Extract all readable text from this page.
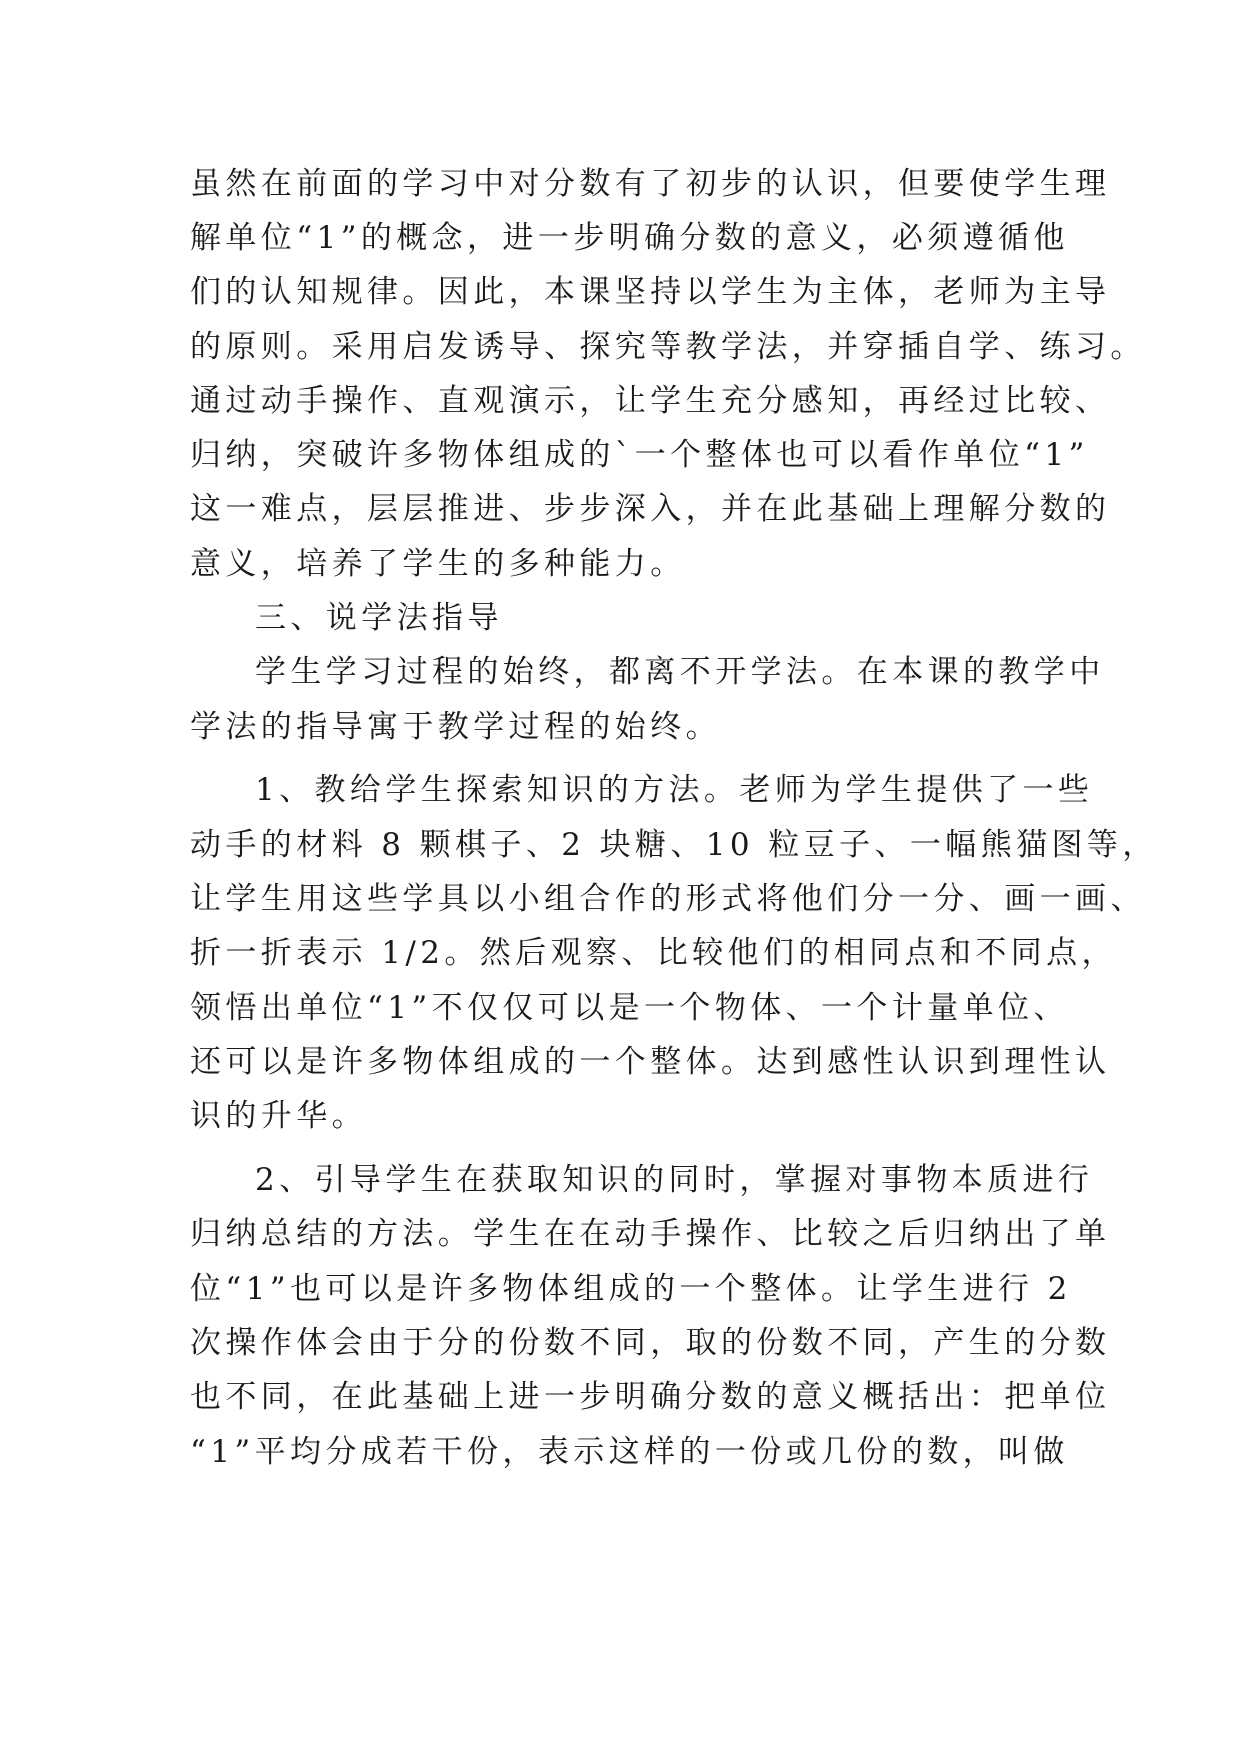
虽然在前面的学习中对分数有了初步的认识，但要使学生理
解单位“1”的概念，进一步明确分数的意义，必须遵循他
们的认知规律。因此，本课坚持以学生为主体，老师为主导
的原则。采用启发诱导、探究等教学法，并穿插自学、练习。
通过动手操作、直观演示，让学生充分感知，再经过比较、
归纳，突破许多物体组成的`一个整体也可以看作单位“1”
这一难点，层层推进、步步深入，并在此基础上理解分数的
意义，培养了学生的多种能力。
三、说学法指导
学生学习过程的始终，都离不开学法。在本课的教学中
学法的指导寓于教学过程的始终。
1、教给学生探索知识的方法。老师为学生提供了一些
动手的材料 8 颗棋子、2 块糖、10 粒豆子、一幅熊猫图等，
让学生用这些学具以小组合作的形式将他们分一分、画一画、
折一折表示 1/2。然后观察、比较他们的相同点和不同点，
领悟出单位“1”不仅仅可以是一个物体、一个计量单位、
还可以是许多物体组成的一个整体。达到感性认识到理性认
识的升华。
2、引导学生在获取知识的同时，掌握对事物本质进行
归纳总结的方法。学生在在动手操作、比较之后归纳出了单
位“1”也可以是许多物体组成的一个整体。让学生进行 2
次操作体会由于分的份数不同，取的份数不同，产生的分数
也不同，在此基础上进一步明确分数的意义概括出：把单位
“1”平均分成若干份，表示这样的一份或几份的数，叫做
